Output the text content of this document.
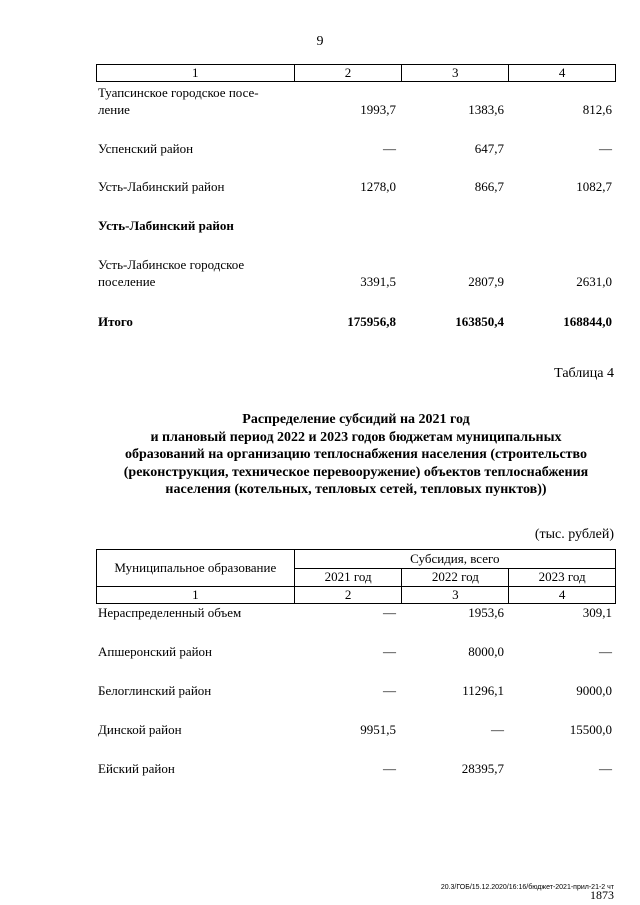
9
1	2	3	4
Туапсинское городское посе-
ление	1993,7	1383,6	812,6
Успенский район	—	647,7	—
Усть-Лабинский район	1278,0	866,7	1082,7
Усть-Лабинский район
Усть-Лабинское городское
поселение	3391,5	2807,9	2631,0
Итого	175956,8	163850,4	168844,0
Таблица 4
Распределение субсидий на 2021 год
и плановый период 2022 и 2023 годов бюджетам муниципальных
образований на организацию теплоснабжения населения (строительство
(реконструкция, техническое перевооружение) объектов теплоснабжения
населения (котельных, тепловых сетей, тепловых пунктов))
(тыс. рублей)
Муниципальное образование	Субсидия, всего		
	2021 год	2022 год	2023 год
1	2	3	4
Нераспределенный объем	—	1953,6	309,1
Апшеронский район	—	8000,0	—
Белоглинский район	—	11296,1	9000,0
Динской район	9951,5	—	15500,0
Ейский район	—	28395,7	—
20.3/ГОБ/15.12.2020/16:16/бюджет-2021-прил-21-2 чт
1873
